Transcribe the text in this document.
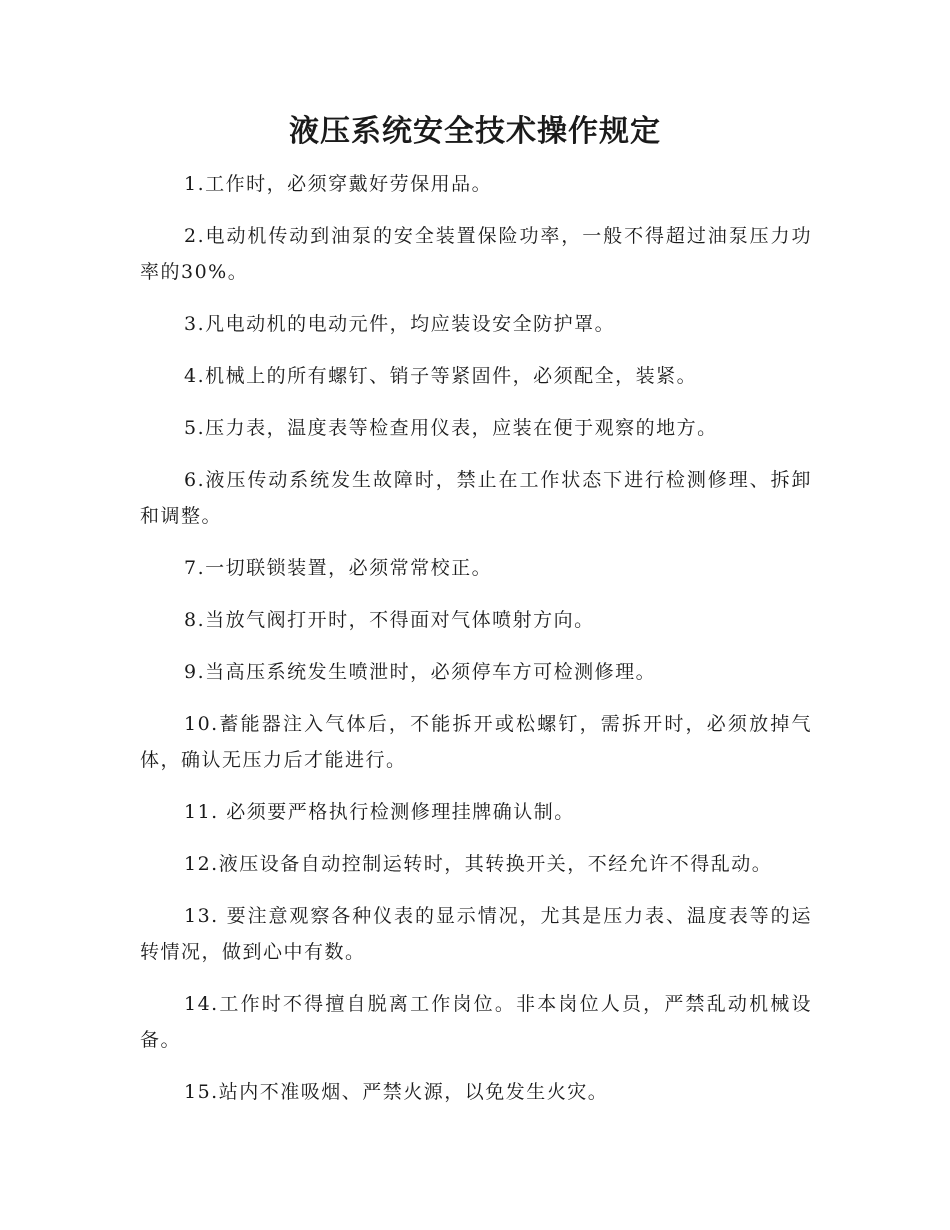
液压系统安全技术操作规定

1.工作时，必须穿戴好劳保用品。

2.电动机传动到油泵的安全装置保险功率，一般不得超过油泵压力功率的30%。

3.凡电动机的电动元件，均应装设安全防护罩。

4.机械上的所有螺钉、销子等紧固件，必须配全，装紧。

5.压力表，温度表等检查用仪表，应装在便于观察的地方。

6.液压传动系统发生故障时，禁止在工作状态下进行检测修理、拆卸和调整。

7.一切联锁装置，必须常常校正。

8.当放气阀打开时，不得面对气体喷射方向。

9.当高压系统发生喷泄时，必须停车方可检测修理。

10.蓄能器注入气体后，不能拆开或松螺钉，需拆开时，必须放掉气体，确认无压力后才能进行。

11. 必须要严格执行检测修理挂牌确认制。

12.液压设备自动控制运转时，其转换开关，不经允许不得乱动。

13. 要注意观察各种仪表的显示情况，尤其是压力表、温度表等的运转情况，做到心中有数。

14.工作时不得擅自脱离工作岗位。非本岗位人员，严禁乱动机械设备。

15.站内不准吸烟、严禁火源，以免发生火灾。
